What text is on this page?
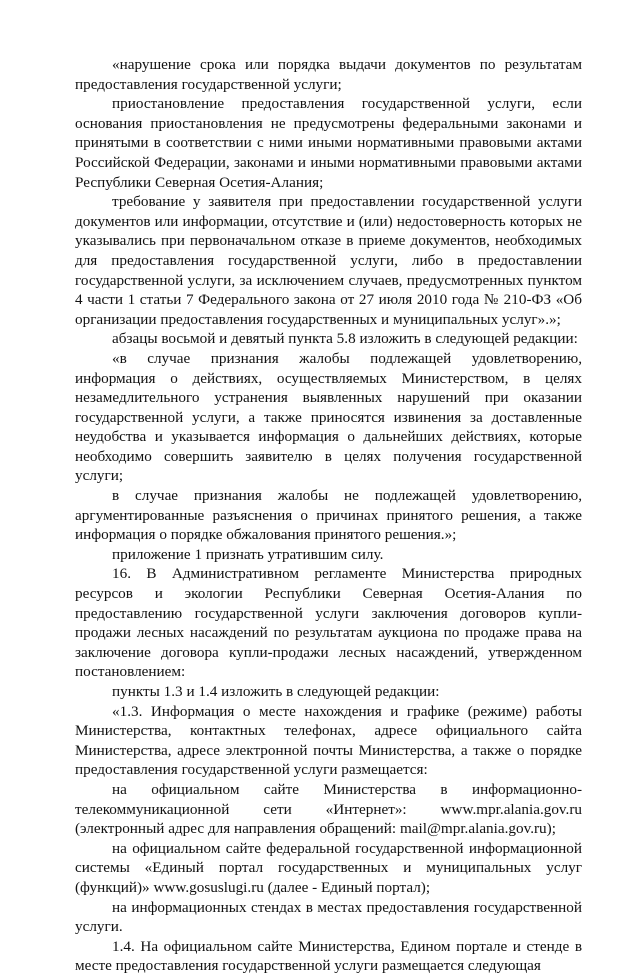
«нарушение срока или порядка выдачи документов по результатам предоставления государственной услуги;

приостановление предоставления государственной услуги, если основания приостановления не предусмотрены федеральными законами и принятыми в соответствии с ними иными нормативными правовыми актами Российской Федерации, законами и иными нормативными правовыми актами Республики Северная Осетия-Алания;

требование у заявителя при предоставлении государственной услуги документов или информации, отсутствие и (или) недостоверность которых не указывались при первоначальном отказе в приеме документов, необходимых для предоставления государственной услуги, либо в предоставлении государственной услуги, за исключением случаев, предусмотренных пунктом 4 части 1 статьи 7 Федерального закона от 27 июля 2010 года № 210-ФЗ «Об организации предоставления государственных и муниципальных услуг».»;

абзацы восьмой и девятый пункта 5.8 изложить в следующей редакции:

«в случае признания жалобы подлежащей удовлетворению, информация о действиях, осуществляемых Министерством, в целях незамедлительного устранения выявленных нарушений при оказании государственной услуги, а также приносятся извинения за доставленные неудобства и указывается информация о дальнейших действиях, которые необходимо совершить заявителю в целях получения государственной услуги;

в случае признания жалобы не подлежащей удовлетворению, аргументированные разъяснения о причинах принятого решения, а также информация о порядке обжалования принятого решения.»;

приложение 1 признать утратившим силу.

16. В Административном регламенте Министерства природных ресурсов и экологии Республики Северная Осетия-Алания по предоставлению государственной услуги заключения договоров купли-продажи лесных насаждений по результатам аукциона по продаже права на заключение договора купли-продажи лесных насаждений, утвержденном постановлением:

пункты 1.3 и 1.4 изложить в следующей редакции:

«1.3. Информация о месте нахождения и графике (режиме) работы Министерства, контактных телефонах, адресе официального сайта Министерства, адресе электронной почты Министерства, а также о порядке предоставления государственной услуги размещается:

на официальном сайте Министерства в информационно-телекоммуникационной сети «Интернет»: www.mpr.alania.gov.ru (электронный адрес для направления обращений: mail@mpr.alania.gov.ru);

на официальном сайте федеральной государственной информационной системы «Единый портал государственных и муниципальных услуг (функций)» www.gosuslugi.ru (далее - Единый портал);

на информационных стендах в местах предоставления государственной услуги.

1.4. На официальном сайте Министерства, Едином портале и стенде в месте предоставления государственной услуги размещается следующая
